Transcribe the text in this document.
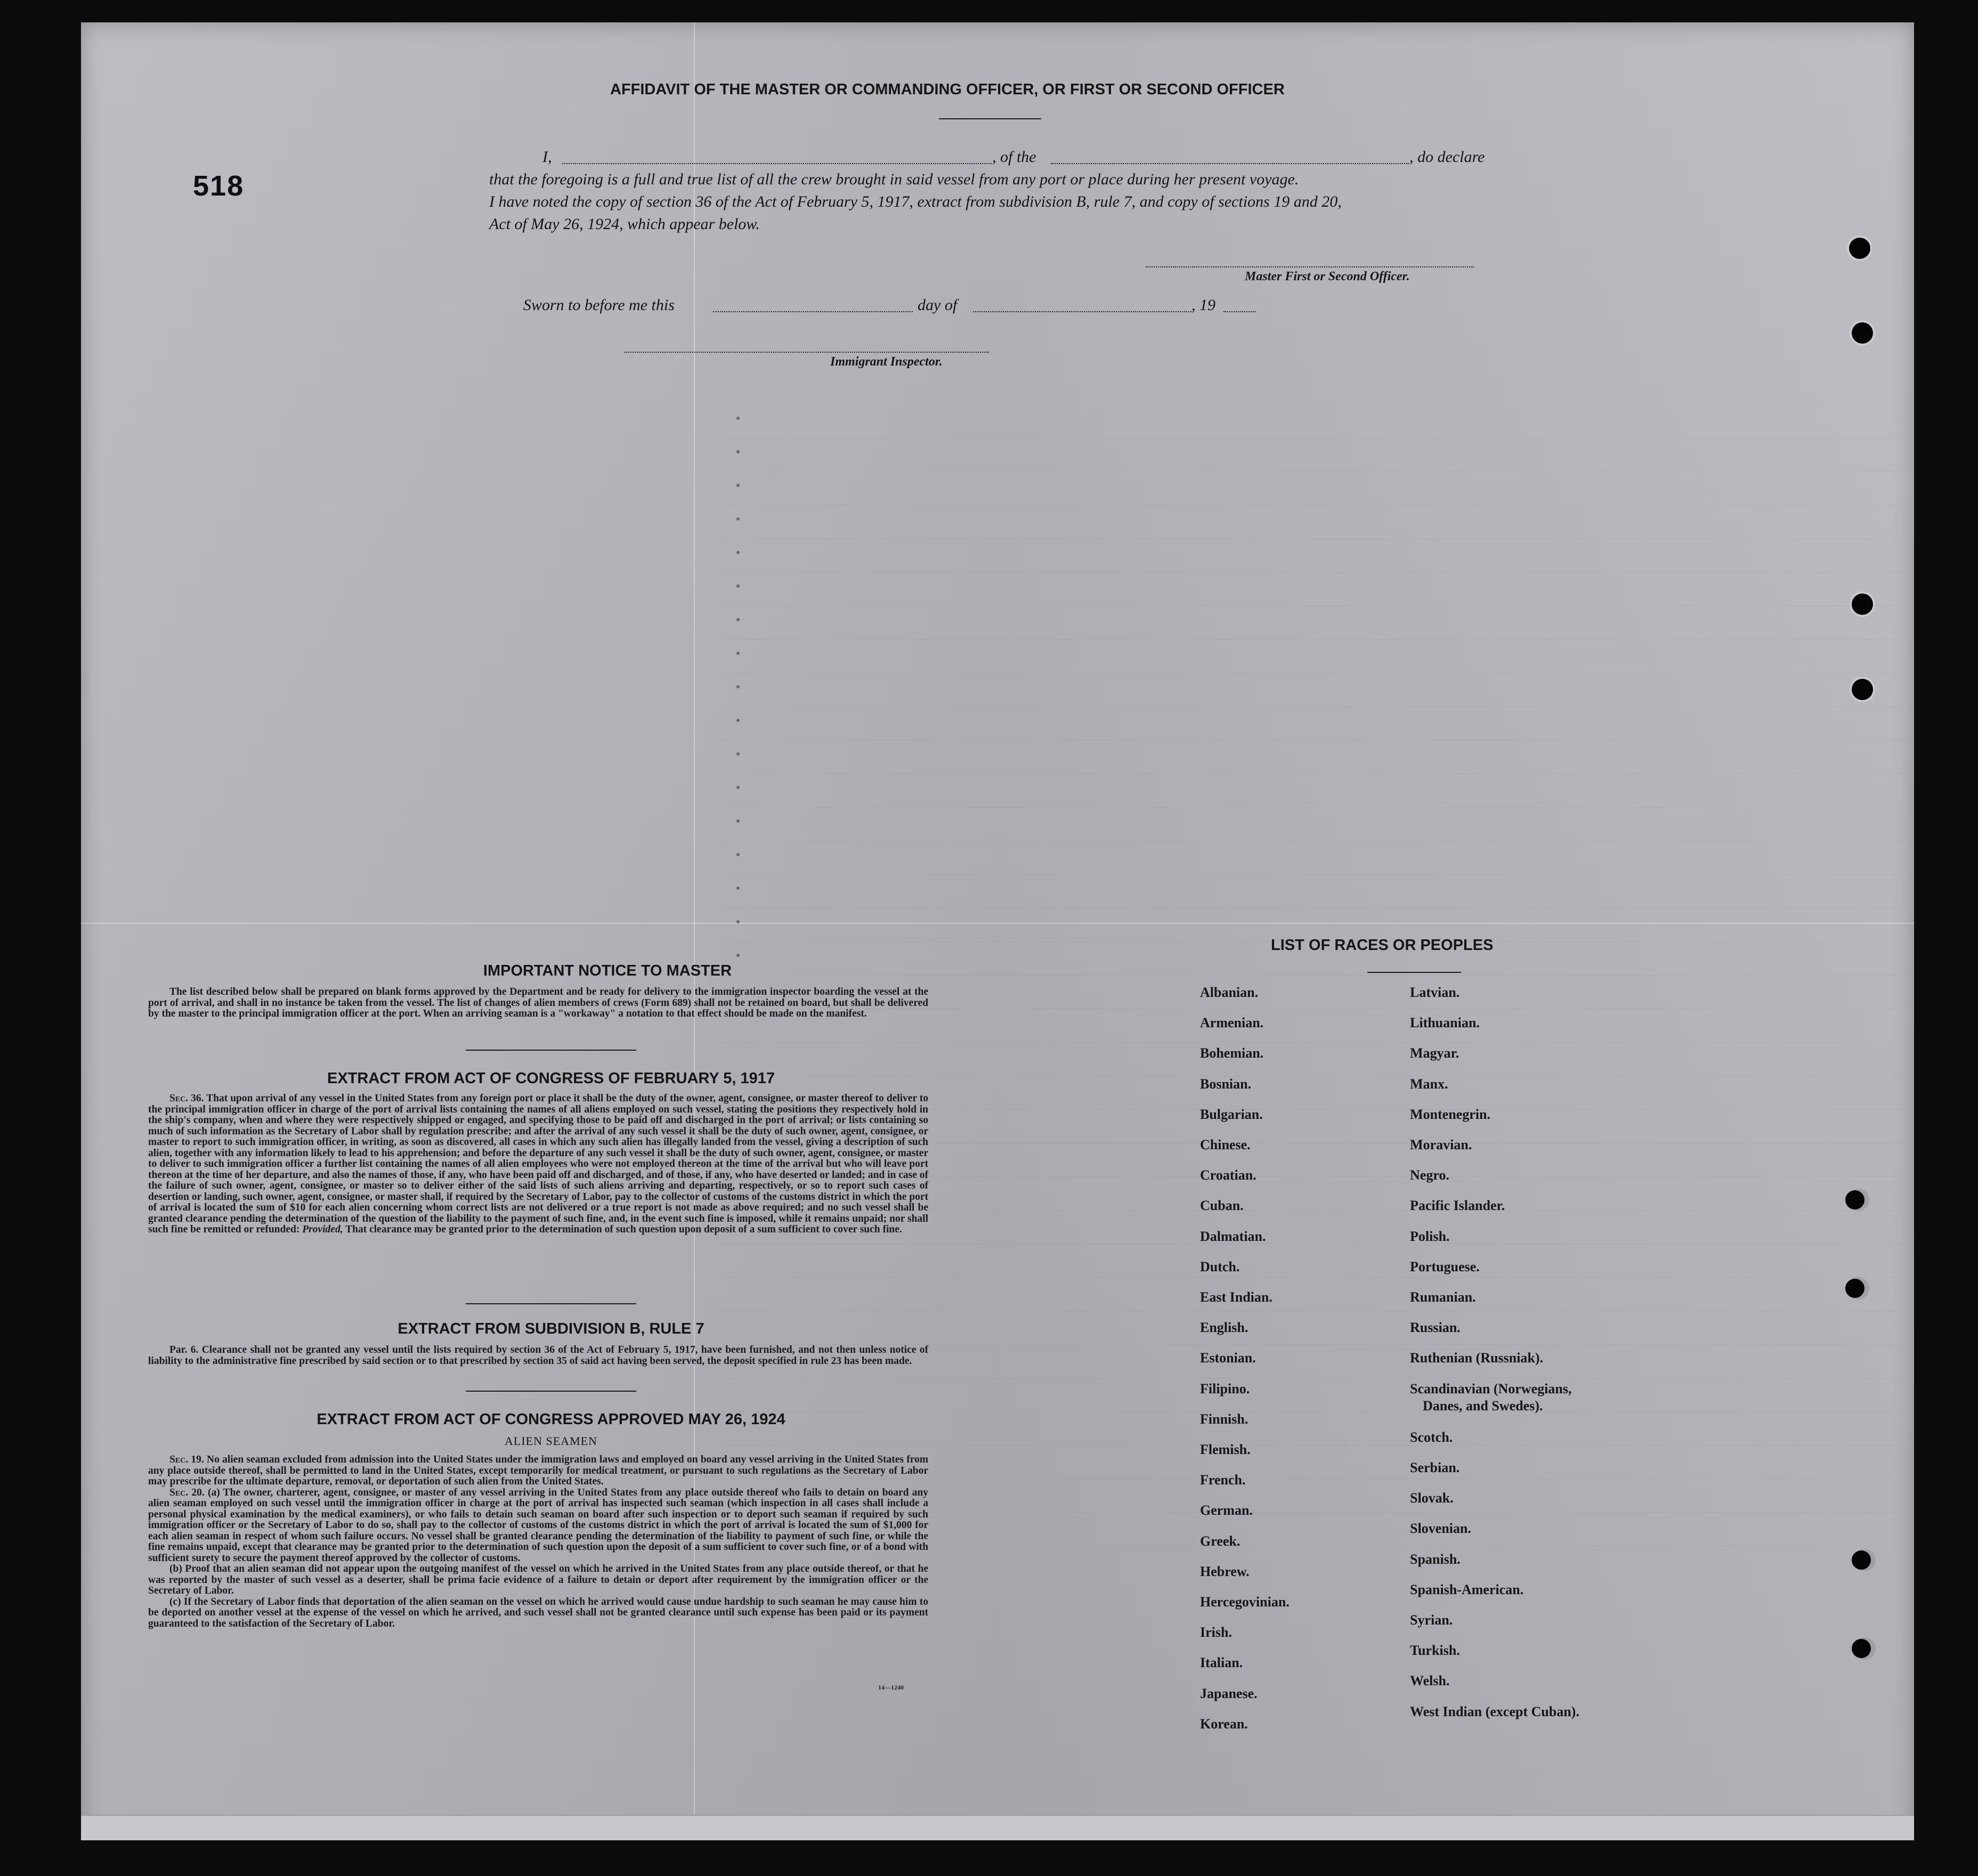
518
AFFIDAVIT OF THE MASTER OR COMMANDING OFFICER, OR FIRST OR SECOND OFFICER
I,	, of the	, do declare
that the foregoing is a full and true list of all the crew brought in said vessel from any port or place during her present voyage.
I have noted the copy of section 36 of the Act of February 5, 1917, extract from subdivision B, rule 7, and copy of sections 19 and 20,
Act of May 26, 1924, which appear below.
Master First or Second Officer.
Sworn to before me this	day of	, 19
Immigrant Inspector.
IMPORTANT NOTICE TO MASTER

The list described below shall be prepared on blank forms approved by the Department and be ready for delivery to the immigration inspector boarding the vessel at the port of arrival, and shall in no instance be taken from the vessel. The list of changes of alien members of crews (Form 689) shall not be retained on board, but shall be delivered by the master to the principal immigration officer at the port. When an arriving seaman is a "workaway" a notation to that effect should be made on the manifest.

EXTRACT FROM ACT OF CONGRESS OF FEBRUARY 5, 1917

Sec. 36. That upon arrival of any vessel in the United States from any foreign port or place it shall be the duty of the owner, agent, consignee, or master thereof to deliver to the principal immigration officer in charge of the port of arrival lists containing the names of all aliens employed on such vessel, stating the positions they respectively hold in the ship's company, when and where they were respectively shipped or engaged, and specifying those to be paid off and discharged in the port of arrival; or lists containing so much of such information as the Secretary of Labor shall by regulation prescribe; and after the arrival of any such vessel it shall be the duty of such owner, agent, consignee, or master to report to such immigration officer, in writing, as soon as discovered, all cases in which any such alien has illegally landed from the vessel, giving a description of such alien, together with any information likely to lead to his apprehension; and before the departure of any such vessel it shall be the duty of such owner, agent, consignee, or master to deliver to such immigration officer a further list containing the names of all alien employees who were not employed thereon at the time of the arrival but who will leave port thereon at the time of her departure, and also the names of those, if any, who have been paid off and discharged, and of those, if any, who have deserted or landed; and in case of the failure of such owner, agent, consignee, or master so to deliver either of the said lists of such aliens arriving and departing, respectively, or so to report such cases of desertion or landing, such owner, agent, consignee, or master shall, if required by the Secretary of Labor, pay to the collector of customs of the customs district in which the port of arrival is located the sum of $10 for each alien concerning whom correct lists are not delivered or a true report is not made as above required; and no such vessel shall be granted clearance pending the determination of the question of the liability to the payment of such fine, and, in the event such fine is imposed, while it remains unpaid; nor shall such fine be remitted or refunded: Provided, That clearance may be granted prior to the determination of such question upon deposit of a sum sufficient to cover such fine.

EXTRACT FROM SUBDIVISION B, RULE 7

Par. 6. Clearance shall not be granted any vessel until the lists required by section 36 of the Act of February 5, 1917, have been furnished, and not then unless notice of liability to the administrative fine prescribed by said section or to that prescribed by section 35 of said act having been served, the deposit specified in rule 23 has been made.

EXTRACT FROM ACT OF CONGRESS APPROVED MAY 26, 1924
ALIEN SEAMEN

Sec. 19. No alien seaman excluded from admission into the United States under the immigration laws and employed on board any vessel arriving in the United States from any place outside thereof, shall be permitted to land in the United States, except temporarily for medical treatment, or pursuant to such regulations as the Secretary of Labor may prescribe for the ultimate departure, removal, or deportation of such alien from the United States.

Sec. 20. (a) The owner, charterer, agent, consignee, or master of any vessel arriving in the United States from any place outside thereof who fails to detain on board any alien seaman employed on such vessel until the immigration officer in charge at the port of arrival has inspected such seaman (which inspection in all cases shall include a personal physical examination by the medical examiners), or who fails to detain such seaman on board after such inspection or to deport such seaman if required by such immigration officer or the Secretary of Labor to do so, shall pay to the collector of customs of the customs district in which the port of arrival is located the sum of $1,000 for each alien seaman in respect of whom such failure occurs. No vessel shall be granted clearance pending the determination of the liability to payment of such fine, or while the fine remains unpaid, except that clearance may be granted prior to the determination of such question upon the deposit of a sum sufficient to cover such fine, or of a bond with sufficient surety to secure the payment thereof approved by the collector of customs.

(b) Proof that an alien seaman did not appear upon the outgoing manifest of the vessel on which he arrived in the United States from any place outside thereof, or that he was reported by the master of such vessel as a deserter, shall be prima facie evidence of a failure to detain or deport after requirement by the immigration officer or the Secretary of Labor.

(c) If the Secretary of Labor finds that deportation of the alien seaman on the vessel on which he arrived would cause undue hardship to such seaman he may cause him to be deported on another vessel at the expense of the vessel on which he arrived, and such vessel shall not be granted clearance until such expense has been paid or its payment guaranteed to the satisfaction of the Secretary of Labor.

14—1240
LIST OF RACES OR PEOPLES
Albanian.
Armenian.
Bohemian.
Bosnian.
Bulgarian.
Chinese.
Croatian.
Cuban.
Dalmatian.
Dutch.
East Indian.
English.
Estonian.
Filipino.
Finnish.
Flemish.
French.
German.
Greek.
Hebrew.
Hercegovinian.
Irish.
Italian.
Japanese.
Korean.
Latvian.
Lithuanian.
Magyar.
Manx.
Montenegrin.
Moravian.
Negro.
Pacific Islander.
Polish.
Portuguese.
Rumanian.
Russian.
Ruthenian (Russniak).
Scandinavian (Norwegians,
Danes, and Swedes).
Scotch.
Serbian.
Slovak.
Slovenian.
Spanish.
Spanish-American.
Syrian.
Turkish.
Welsh.
West Indian (except Cuban).
